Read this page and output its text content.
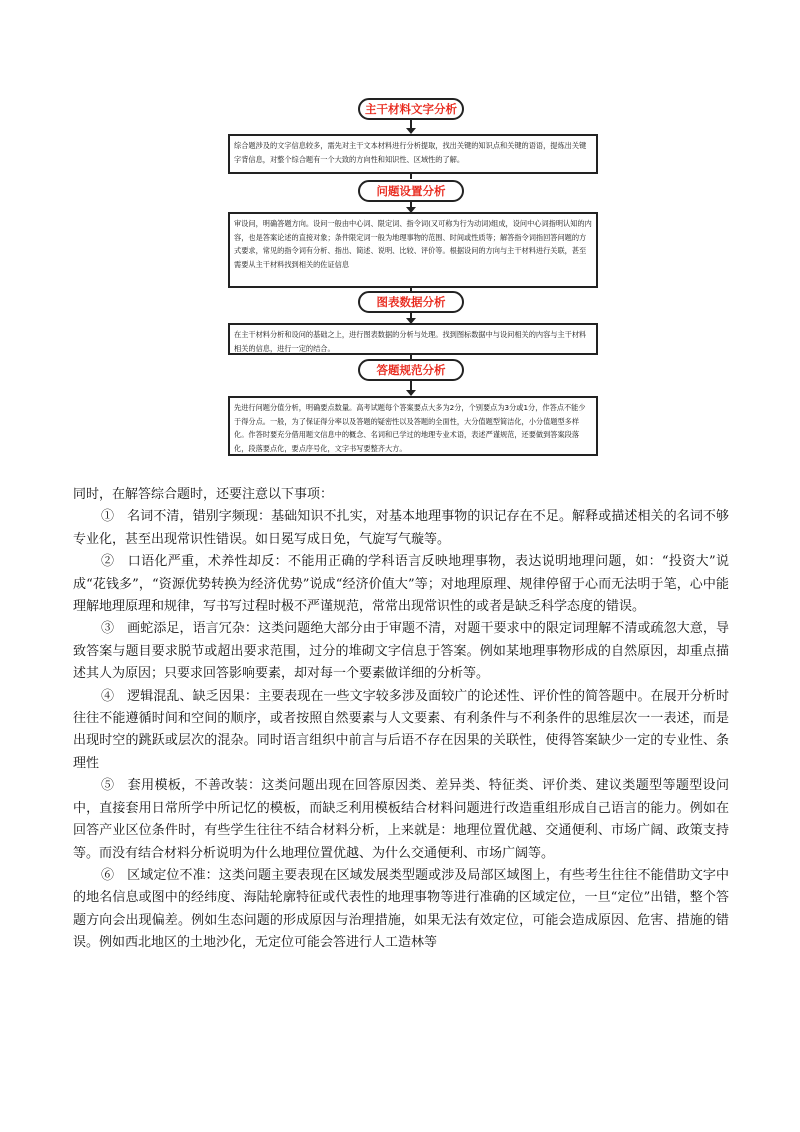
主干材料文字分析
综合题涉及的文字信息较多，需先对主干文本材料进行分析提取，找出关键的知识点和关键的语语，提炼出关键字背信息，对整个综合题有一个大致的方向性和知识性、区域性的了解。
问题设置分析
审设问，明确答题方向。设问一般由中心词、限定词、指令词(又可称为行为动词)组成，设问中心词指明认知的内容，也是答案论述的直接对象；条件限定词一般为地理事物的范围、时间或性质等；解答指令词指回答问题的方式要求，常见的指令词有分析、指出、简述、说明、比较、评价等。根据设问的方向与主干材料进行关联，甚至需要从主干材料找到相关的佐证信息
图表数据分析
在主干材料分析和设问的基础之上，进行图表数据的分析与处理。找到图标数据中与设问相关的内容与主干材料相关的信息，进行一定的结合。
答题规范分析
先进行问题分值分析，明确要点数量。高考试题每个答案要点大多为2分，个别要点为3分或1分，作答点不能少于得分点。一般，为了保证得分率以及答题的疑密性以及答题的全面性，大分值题型简洁化，小分值题型多样化。作答时要充分借用题文信息中的概念、名词和已学过的地理专业术语，表述严谨规范，还要做到答案段落化，段落要点化，要点序号化，文字书写要整齐大方。

同时，在解答综合题时，还要注意以下事项：

①　名词不清，错别字频现：基础知识不扎实，对基本地理事物的识记存在不足。解释或描述相关的名词不够专业化，甚至出现常识性错误。如日冕写成日免，气旋写气璇等。

②　口语化严重，术养性却反：不能用正确的学科语言反映地理事物，表达说明地理问题，如：“投资大”说成“花钱多”，“资源优势转换为经济优势”说成“经济价值大”等；对地理原理、规律停留于心而无法明于笔，心中能理解地理原理和规律，写书写过程时极不严谨规范，常常出现常识性的或者是缺乏科学态度的错误。

③　画蛇添足，语言冗杂：这类问题绝大部分由于审题不清，对题干要求中的限定词理解不清或疏忽大意，导致答案与题目要求脱节或超出要求范围，过分的堆砌文字信息于答案。例如某地理事物形成的自然原因，却重点描述其人为原因；只要求回答影响要素，却对每一个要素做详细的分析等。

④　逻辑混乱、缺乏因果：主要表现在一些文字较多涉及面较广的论述性、评价性的简答题中。在展开分析时往往不能遵循时间和空间的顺序，或者按照自然要素与人文要素、有利条件与不利条件的思维层次一一表述，而是出现时空的跳跃或层次的混杂。同时语言组织中前言与后语不存在因果的关联性，使得答案缺少一定的专业性、条理性

⑤　套用模板，不善改装：这类问题出现在回答原因类、差异类、特征类、评价类、建议类题型等题型设问中，直接套用日常所学中所记忆的模板，而缺乏利用模板结合材料问题进行改造重组形成自己语言的能力。例如在回答产业区位条件时，有些学生往往不结合材料分析，上来就是：地理位置优越、交通便利、市场广阔、政策支持等。而没有结合材料分析说明为什么地理位置优越、为什么交通便利、市场广阔等。

⑥　区域定位不准：这类问题主要表现在区域发展类型题或涉及局部区域图上，有些考生往往不能借助文字中的地名信息或图中的经纬度、海陆轮廓特征或代表性的地理事物等进行准确的区域定位，一旦“定位”出错，整个答题方向会出现偏差。例如生态问题的形成原因与治理措施，如果无法有效定位，可能会造成原因、危害、措施的错误。例如西北地区的土地沙化，无定位可能会答进行人工造林等
